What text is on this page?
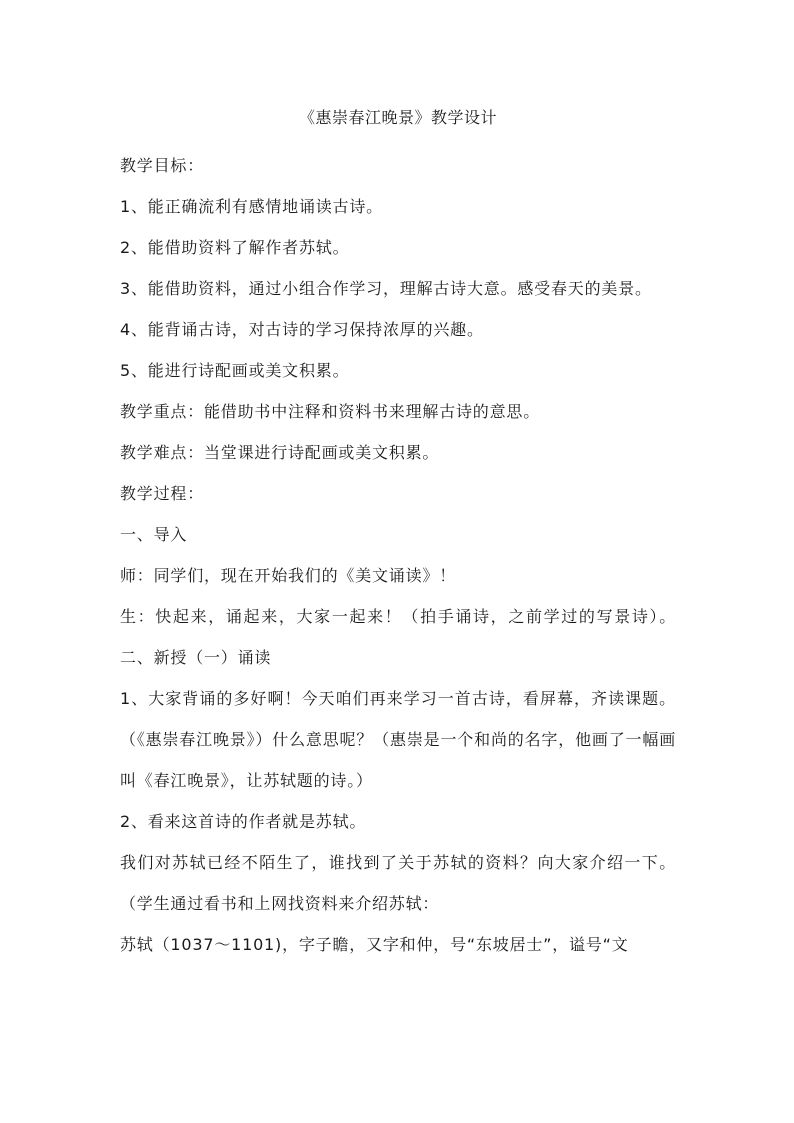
《惠崇春江晚景》教学设计

教学目标：

1、能正确流利有感情地诵读古诗。

2、能借助资料了解作者苏轼。

3、能借助资料，通过小组合作学习，理解古诗大意。感受春天的美景。

4、能背诵古诗，对古诗的学习保持浓厚的兴趣。

5、能进行诗配画或美文积累。

教学重点：能借助书中注释和资料书来理解古诗的意思。

教学难点：当堂课进行诗配画或美文积累。

教学过程：

一、导入

师：同学们，现在开始我们的《美文诵读》！

生：快起来，诵起来，大家一起来！（拍手诵诗，之前学过的写景诗）。二、新授（一）诵读

1、大家背诵的多好啊！今天咱们再来学习一首古诗，看屏幕，齐读课题。（《惠崇春江晚景》）什么意思呢？（惠崇是一个和尚的名字，他画了一幅画叫《春江晚景》，让苏轼题的诗。）

2、看来这首诗的作者就是苏轼。

我们对苏轼已经不陌生了，谁找到了关于苏轼的资料？向大家介绍一下。（学生通过看书和上网找资料来介绍苏轼：

苏轼（1037～1101)，字子瞻，又字和仲，号“东坡居士”，谥号“文
